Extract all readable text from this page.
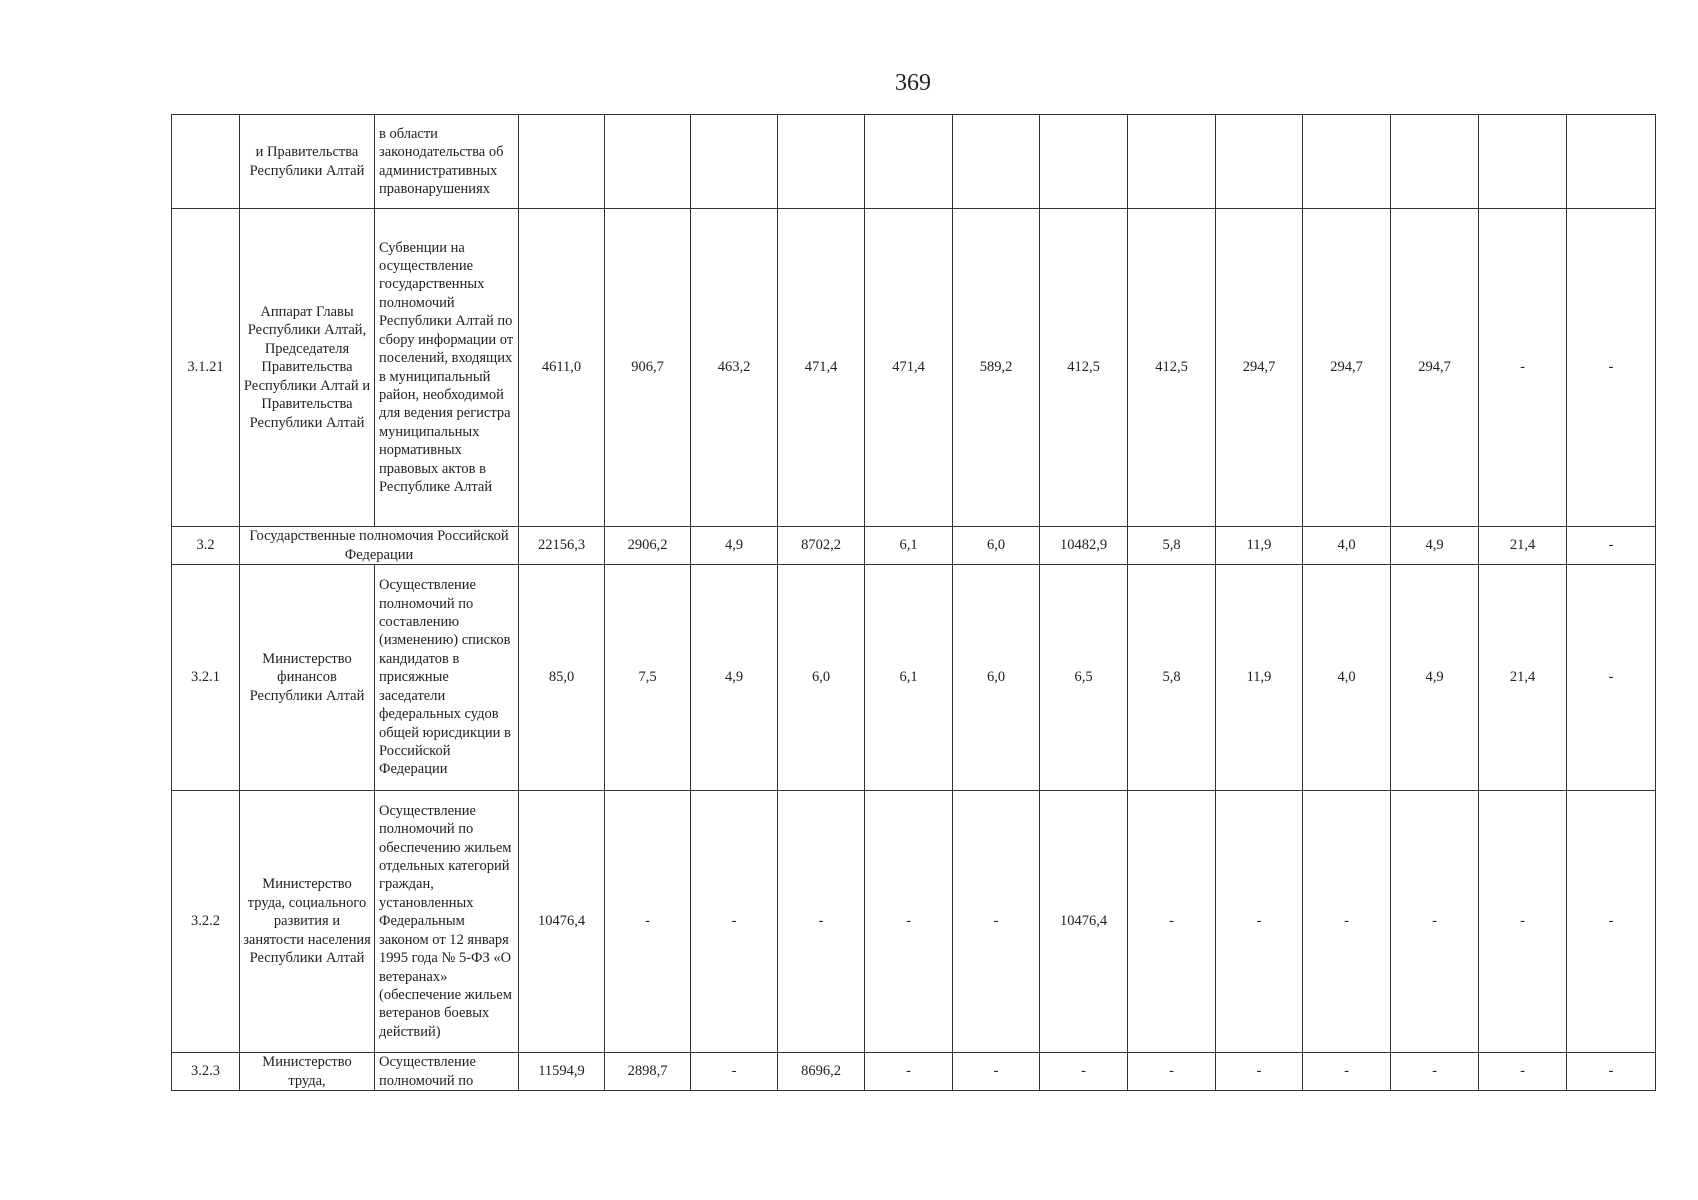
369
	и Правительства Республики Алтай	в области законодательства об административных правонарушениях													
3.1.21	Аппарат Главы Республики Алтай, Председателя Правительства Республики Алтай и Правительства Республики Алтай	Субвенции на осуществление государственных полномочий Республики Алтай по сбору информации от поселений, входящих в муниципальный район, необходимой для ведения регистра муниципальных нормативных правовых актов в Республике Алтай	4611,0	906,7	463,2	471,4	471,4	589,2	412,5	412,5	294,7	294,7	294,7	-	-
3.2	Государственные полномочия Российской Федерации		22156,3	2906,2	4,9	8702,2	6,1	6,0	10482,9	5,8	11,9	4,0	4,9	21,4	-
3.2.1	Министерство финансов Республики Алтай	Осуществление полномочий по составлению (изменению) списков кандидатов в присяжные заседатели федеральных судов общей юрисдикции в Российской Федерации	85,0	7,5	4,9	6,0	6,1	6,0	6,5	5,8	11,9	4,0	4,9	21,4	-
3.2.2	Министерство труда, социального развития и занятости населения Республики Алтай	Осуществление полномочий по обеспечению жильем отдельных категорий граждан, установленных Федеральным законом от 12 января 1995 года № 5-ФЗ «О ветеранах» (обеспечение жильем ветеранов боевых действий)	10476,4	-	-	-	-	-	10476,4	-	-	-	-	-	-
3.2.3	Министерство труда,	Осуществление полномочий по	11594,9	2898,7	-	8696,2	-	-	-	-	-	-	-	-	-
